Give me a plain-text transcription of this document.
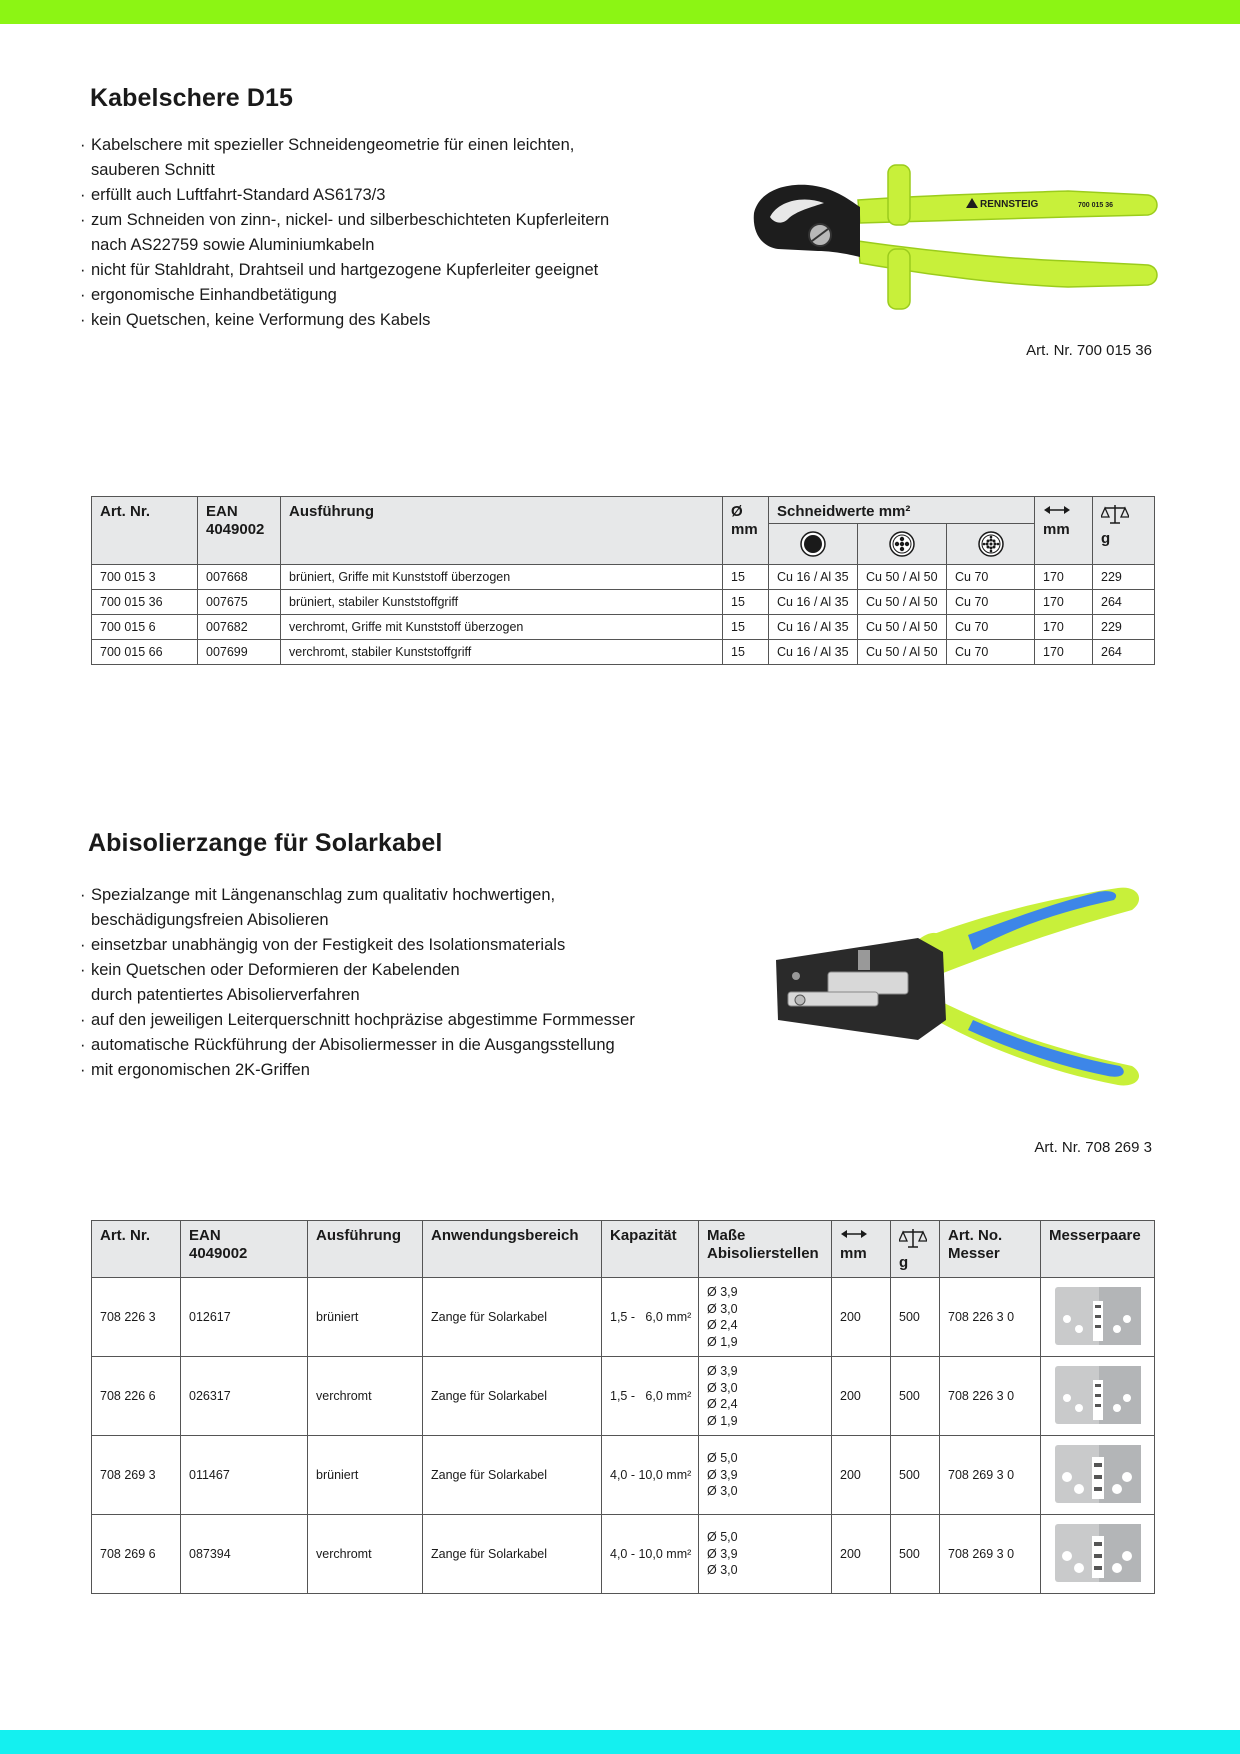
Kabelschere D15
· Kabelschere mit spezieller Schneidengeometrie für einen leichten,
sauberen Schnitt
· erfüllt auch Luftfahrt-Standard AS6173/3
· zum Schneiden von zinn-, nickel- und silberbeschichteten Kupferleitern
nach AS22759 sowie Aluminiumkabeln
· nicht für Stahldraht, Drahtseil und hartgezogene Kupferleiter geeignet
· ergonomische Einhandbetätigung
· kein Quetschen, keine Verformung des Kabels
RENNSTEIG	700 015 36
Art. Nr. 700 015 36
Art. Nr.	EAN
4049002	Ausführung	Ø
mm	Schneidwerte mm²			mm	g

700 015 3	007668	brüniert, Griffe mit Kunststoff überzogen	15	Cu 16 / Al 35	Cu 50 / Al 50	Cu 70	170	229
700 015 36	007675	brüniert, stabiler Kunststoffgriff	15	Cu 16 / Al 35	Cu 50 / Al 50	Cu 70	170	264
700 015 6	007682	verchromt, Griffe mit Kunststoff überzogen	15	Cu 16 / Al 35	Cu 50 / Al 50	Cu 70	170	229
700 015 66	007699	verchromt, stabiler Kunststoffgriff	15	Cu 16 / Al 35	Cu 50 / Al 50	Cu 70	170	264
Abisolierzange für Solarkabel
· Spezialzange mit Längenanschlag zum qualitativ hochwertigen,
beschädigungsfreien Abisolieren
· einsetzbar unabhängig von der Festigkeit des Isolationsmaterials
· kein Quetschen oder Deformieren der Kabelenden
durch patentiertes Abisolierverfahren
· auf den jeweiligen Leiterquerschnitt hochpräzise abgestimme Formmesser
· automatische Rückführung der Abisoliermesser in die Ausgangsstellung
· mit ergonomischen 2K-Griffen
Art. Nr. 708 269 3
Art. Nr.	EAN
4049002	Ausführung	Anwendungsbereich	Kapazität	Maße
Abisolierstellen	mm	g	Art. No.
Messer	Messerpaare
708 226 3	012617	brüniert	Zange für Solarkabel	1,5 -   6,0 mm²	Ø 3,9
Ø 3,0
Ø 2,4
Ø 1,9	200	500	708 226 3 0	
708 226 6	026317	verchromt	Zange für Solarkabel	1,5 -   6,0 mm²	Ø 3,9
Ø 3,0
Ø 2,4
Ø 1,9	200	500	708 226 3 0	
708 269 3	011467	brüniert	Zange für Solarkabel	4,0 - 10,0 mm²	Ø 5,0
Ø 3,9
Ø 3,0	200	500	708 269 3 0	
708 269 6	087394	verchromt	Zange für Solarkabel	4,0 - 10,0 mm²	Ø 5,0
Ø 3,9
Ø 3,0	200	500	708 269 3 0	
